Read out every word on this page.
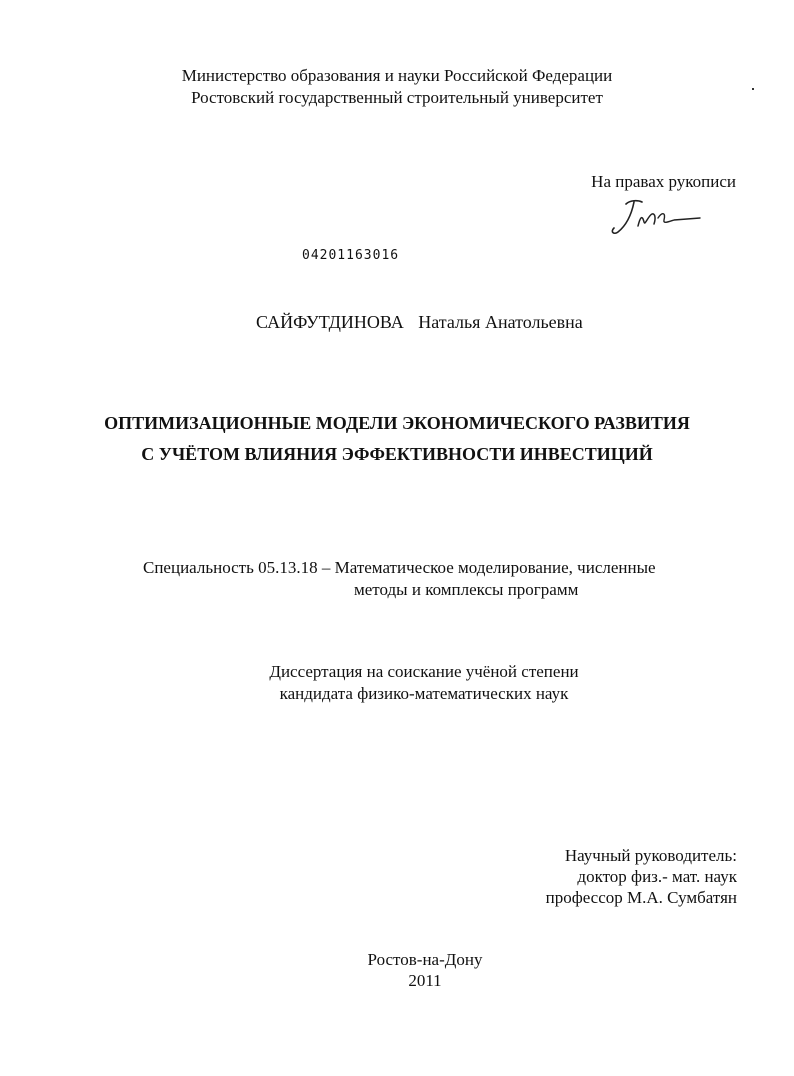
Министерство образования и науки Российской Федерации
Ростовский государственный строительный университет
На правах рукописи
04201163016
САЙФУТДИНОВА Наталья Анатольевна
ОПТИМИЗАЦИОННЫЕ МОДЕЛИ ЭКОНОМИЧЕСКОГО РАЗВИТИЯ
С УЧЁТОМ ВЛИЯНИЯ ЭФФЕКТИВНОСТИ ИНВЕСТИЦИЙ
Специальность 05.13.18 – Математическое моделирование, численные
методы и комплексы программ
Диссертация на соискание учёной степени
кандидата физико-математических наук
Научный руководитель:
доктор физ.- мат. наук
профессор М.А. Сумбатян
Ростов-на-Дону
2011
